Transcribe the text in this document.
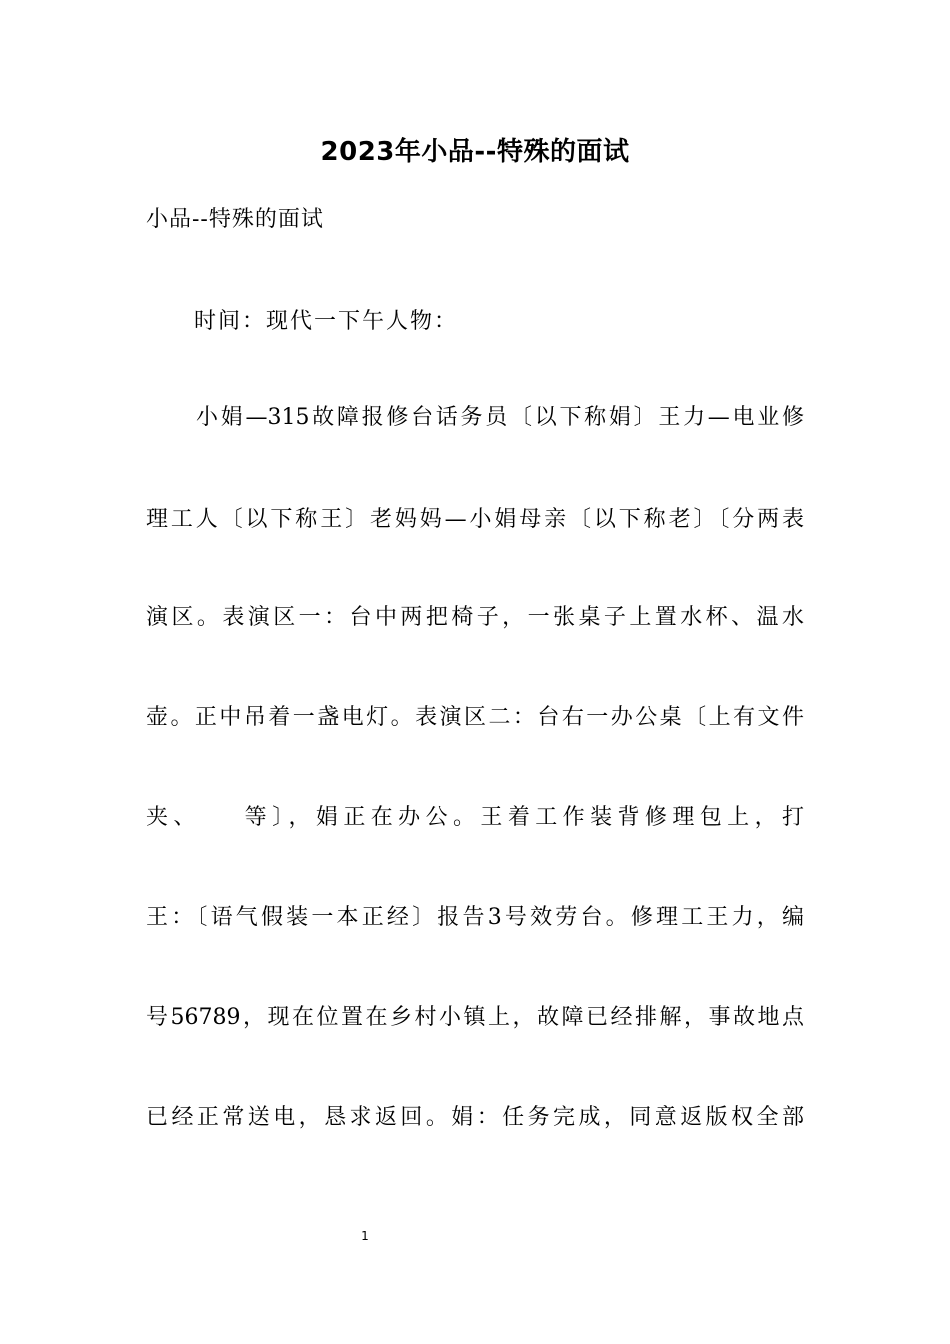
2023年小品--特殊的面试
小品--特殊的面试
时间：现代一下午人物：
小娟—315故障报修台话务员〔以下称娟〕王力—电业修
理工人〔以下称王〕老妈妈—小娟母亲〔以下称老〕〔分两表
演区。表演区一：台中两把椅子，一张桌子上置水杯、温水
壶。正中吊着一盏电灯。表演区二：台右一办公桌〔上有文件
夹、　　等〕，娟正在办公。王着工作装背修理包上，打
王：〔语气假装一本正经〕报告3号效劳台。修理工王力，编
号56789，现在位置在乡村小镇上，故障已经排解，事故地点
已经正常送电，恳求返回。娟：任务完成，同意返版权全部
1
